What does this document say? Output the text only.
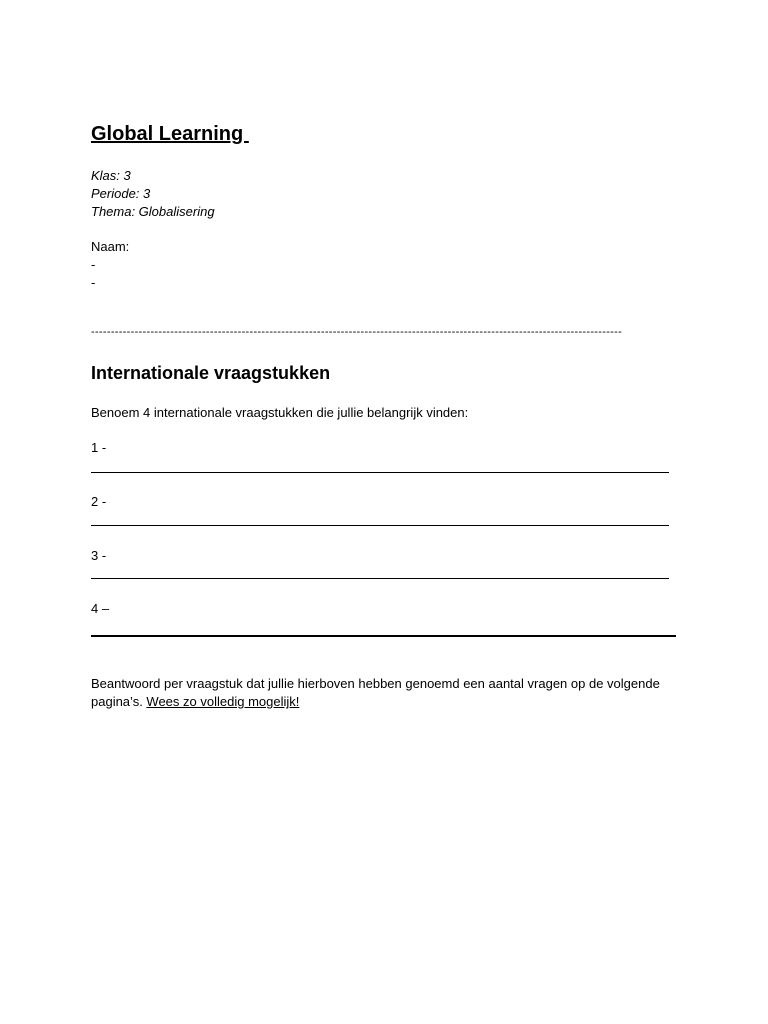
Global Learning
Klas: 3
Periode: 3
Thema: Globalisering
Naam:
-
-
--------------------------------------------------------------------------------------------------------------------------------------
Internationale vraagstukken
Benoem 4 internationale vraagstukken die jullie belangrijk vinden:
1 -
2 -
3 -
4 –
Beantwoord per vraagstuk dat jullie hierboven hebben genoemd een aantal vragen op de volgende pagina’s. Wees zo volledig mogelijk!
